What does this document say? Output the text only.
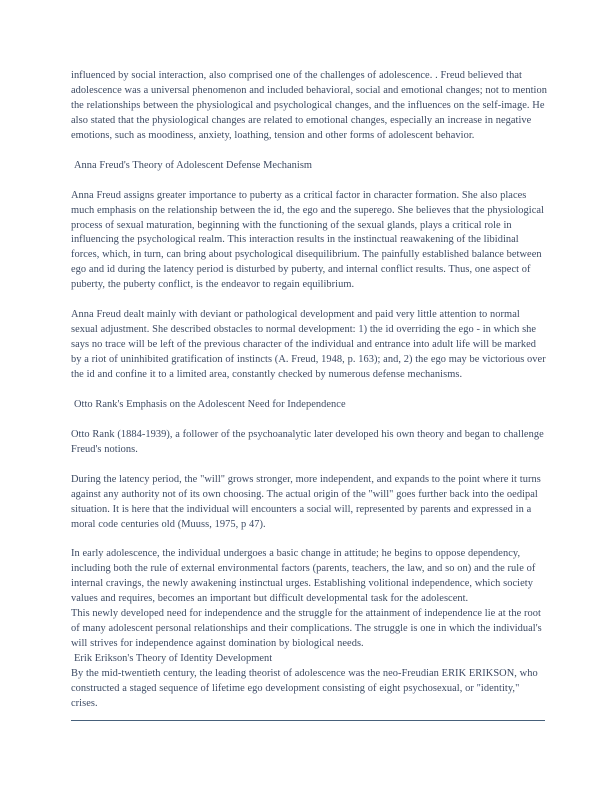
influenced by social interaction, also comprised one of the challenges of adolescence. . Freud believed that adolescence was a universal phenomenon and included behavioral, social and emotional changes; not to mention the relationships between the physiological and psychological changes, and the influences on the self-image. He also stated that the physiological changes are related to emotional changes, especially an increase in negative emotions, such as moodiness, anxiety, loathing, tension and other forms of adolescent behavior.

Anna Freud's Theory of Adolescent Defense Mechanism

Anna Freud assigns greater importance to puberty as a critical factor in character formation. She also places much emphasis on the relationship between the id, the ego and the superego. She believes that the physiological process of sexual maturation, beginning with the functioning of the sexual glands, plays a critical role in influencing the psychological realm. This interaction results in the instinctual reawakening of the libidinal forces, which, in turn, can bring about psychological disequilibrium. The painfully established balance between ego and id during the latency period is disturbed by puberty, and internal conflict results. Thus, one aspect of puberty, the puberty conflict, is the endeavor to regain equilibrium.

Anna Freud dealt mainly with deviant or pathological development and paid very little attention to normal sexual adjustment. She described obstacles to normal development: 1) the id overriding the ego - in which she says no trace will be left of the previous character of the individual and entrance into adult life will be marked by a riot of uninhibited gratification of instincts (A. Freud, 1948, p. 163); and, 2) the ego may be victorious over the id and confine it to a limited area, constantly checked by numerous defense mechanisms.

Otto Rank's Emphasis on the Adolescent Need for Independence

Otto Rank (1884-1939), a follower of the psychoanalytic later developed his own theory and began to challenge Freud's notions.

During the latency period, the "will" grows stronger, more independent, and expands to the point where it turns against any authority not of its own choosing. The actual origin of the "will" goes further back into the oedipal situation. It is here that the individual will encounters a social will, represented by parents and expressed in a moral code centuries old (Muuss, 1975, p 47).

In early adolescence, the individual undergoes a basic change in attitude; he begins to oppose dependency, including both the rule of external environmental factors (parents, teachers, the law, and so on) and the rule of internal cravings, the newly awakening instinctual urges. Establishing volitional independence, which society values and requires, becomes an important but difficult developmental task for the adolescent.

This newly developed need for independence and the struggle for the attainment of independence lie at the root of many adolescent personal relationships and their complications. The struggle is one in which the individual's will strives for independence against domination by biological needs.

Erik Erikson's Theory of Identity Development

By the mid-twentieth century, the leading theorist of adolescence was the neo-Freudian ERIK ERIKSON, who constructed a staged sequence of lifetime ego development consisting of eight psychosexual, or "identity," crises.
